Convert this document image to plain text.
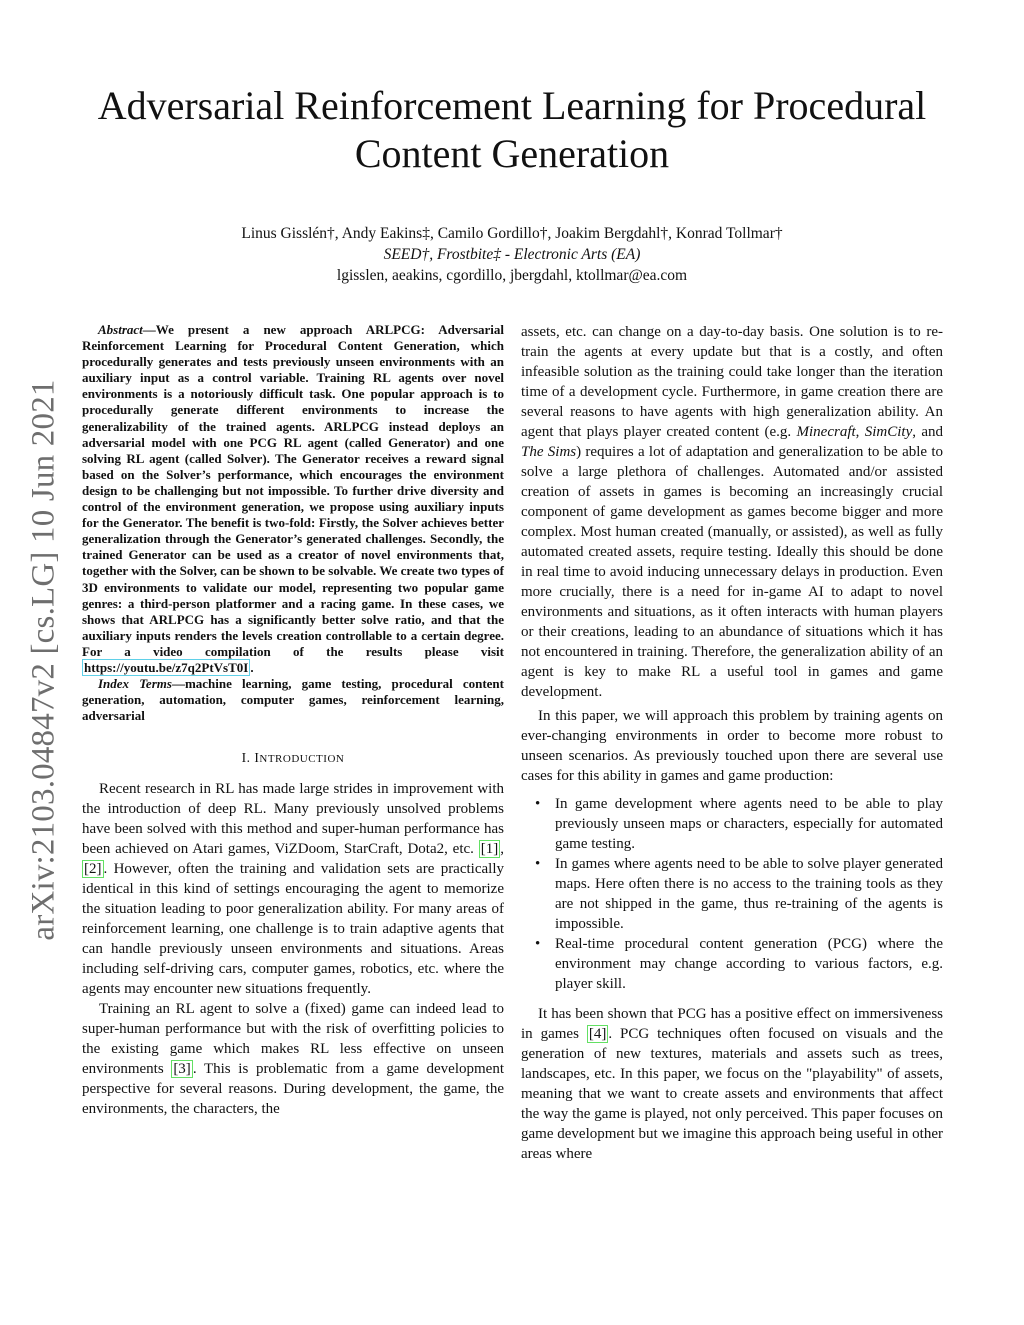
arXiv:2103.04847v2 [cs.LG] 10 Jun 2021
Adversarial Reinforcement Learning for Procedural
Content Generation
Linus Gisslén†, Andy Eakins‡, Camilo Gordillo†, Joakim Bergdahl†, Konrad Tollmar†
SEED†, Frostbite‡ - Electronic Arts (EA)
lgisslen, aeakins, cgordillo, jbergdahl, ktollmar@ea.com

Abstract—We present a new approach ARLPCG: Adversarial Reinforcement Learning for Procedural Content Generation, which procedurally generates and tests previously unseen environments with an auxiliary input as a control variable. Training RL agents over novel environments is a notoriously difficult task. One popular approach is to procedurally generate different environments to increase the generalizability of the trained agents. ARLPCG instead deploys an adversarial model with one PCG RL agent (called Generator) and one solving RL agent (called Solver). The Generator receives a reward signal based on the Solver’s performance, which encourages the environment design to be challenging but not impossible. To further drive diversity and control of the environment generation, we propose using auxiliary inputs for the Generator. The benefit is two-fold: Firstly, the Solver achieves better generalization through the Generator’s generated challenges. Secondly, the trained Generator can be used as a creator of novel environments that, together with the Solver, can be shown to be solvable. We create two types of 3D environments to validate our model, representing two popular game genres: a third-person platformer and a racing game. In these cases, we shows that ARLPCG has a significantly better solve ratio, and that the auxiliary inputs renders the levels creation controllable to a certain degree. For a video compilation of the results please visit https://youtu.be/z7q2PtVsT0I .

Index Terms—machine learning, game testing, procedural content generation, automation, computer games, reinforcement learning, adversarial

I. INTRODUCTION

Recent research in RL has made large strides in improvement with the introduction of deep RL. Many previously unsolved problems have been solved with this method and super-human performance has been achieved on Atari games, ViZDoom, StarCraft, Dota2, etc. [1] , [2] . However, often the training and validation sets are practically identical in this kind of settings encouraging the agent to memorize the situation leading to poor generalization ability. For many areas of reinforcement learning, one challenge is to train adaptive agents that can handle previously unseen environments and situations. Areas including self-driving cars, computer games, robotics, etc. where the agents may encounter new situations frequently.

Training an RL agent to solve a (fixed) game can indeed lead to super-human performance but with the risk of overfitting policies to the existing game which makes RL less effective on unseen environments [3] . This is problematic from a game development perspective for several reasons. During development, the game, the environments, the characters, the

assets, etc. can change on a day-to-day basis. One solution is to re-train the agents at every update but that is a costly, and often infeasible solution as the training could take longer than the iteration time of a development cycle. Furthermore, in game creation there are several reasons to have agents with high generalization ability. An agent that plays player created content (e.g. Minecraft, SimCity, and The Sims) requires a lot of adaptation and generalization to be able to solve a large plethora of challenges. Automated and/or assisted creation of assets in games is becoming an increasingly crucial component of game development as games become bigger and more complex. Most human created (manually, or assisted), as well as fully automated created assets, require testing. Ideally this should be done in real time to avoid inducing unnecessary delays in production. Even more crucially, there is a need for in-game AI to adapt to novel environments and situations, as it often interacts with human players or their creations, leading to an abundance of situations which it has not encountered in training. Therefore, the generalization ability of an agent is key to make RL a useful tool in games and game development.

In this paper, we will approach this problem by training agents on ever-changing environments in order to become more robust to unseen scenarios. As previously touched upon there are several use cases for this ability in games and game production:

• In game development where agents need to be able to play previously unseen maps or characters, especially for automated game testing.
• In games where agents need to be able to solve player generated maps. Here often there is no access to the training tools as they are not shipped in the game, thus re-training of the agents is impossible.
• Real-time procedural content generation (PCG) where the environment may change according to various factors, e.g. player skill.

It has been shown that PCG has a positive effect on immersiveness in games [4] . PCG techniques often focused on visuals and the generation of new textures, materials and assets such as trees, landscapes, etc. In this paper, we focus on the "playability" of assets, meaning that we want to create assets and environments that affect the way the game is played, not only perceived. This paper focuses on game development but we imagine this approach being useful in other areas where
